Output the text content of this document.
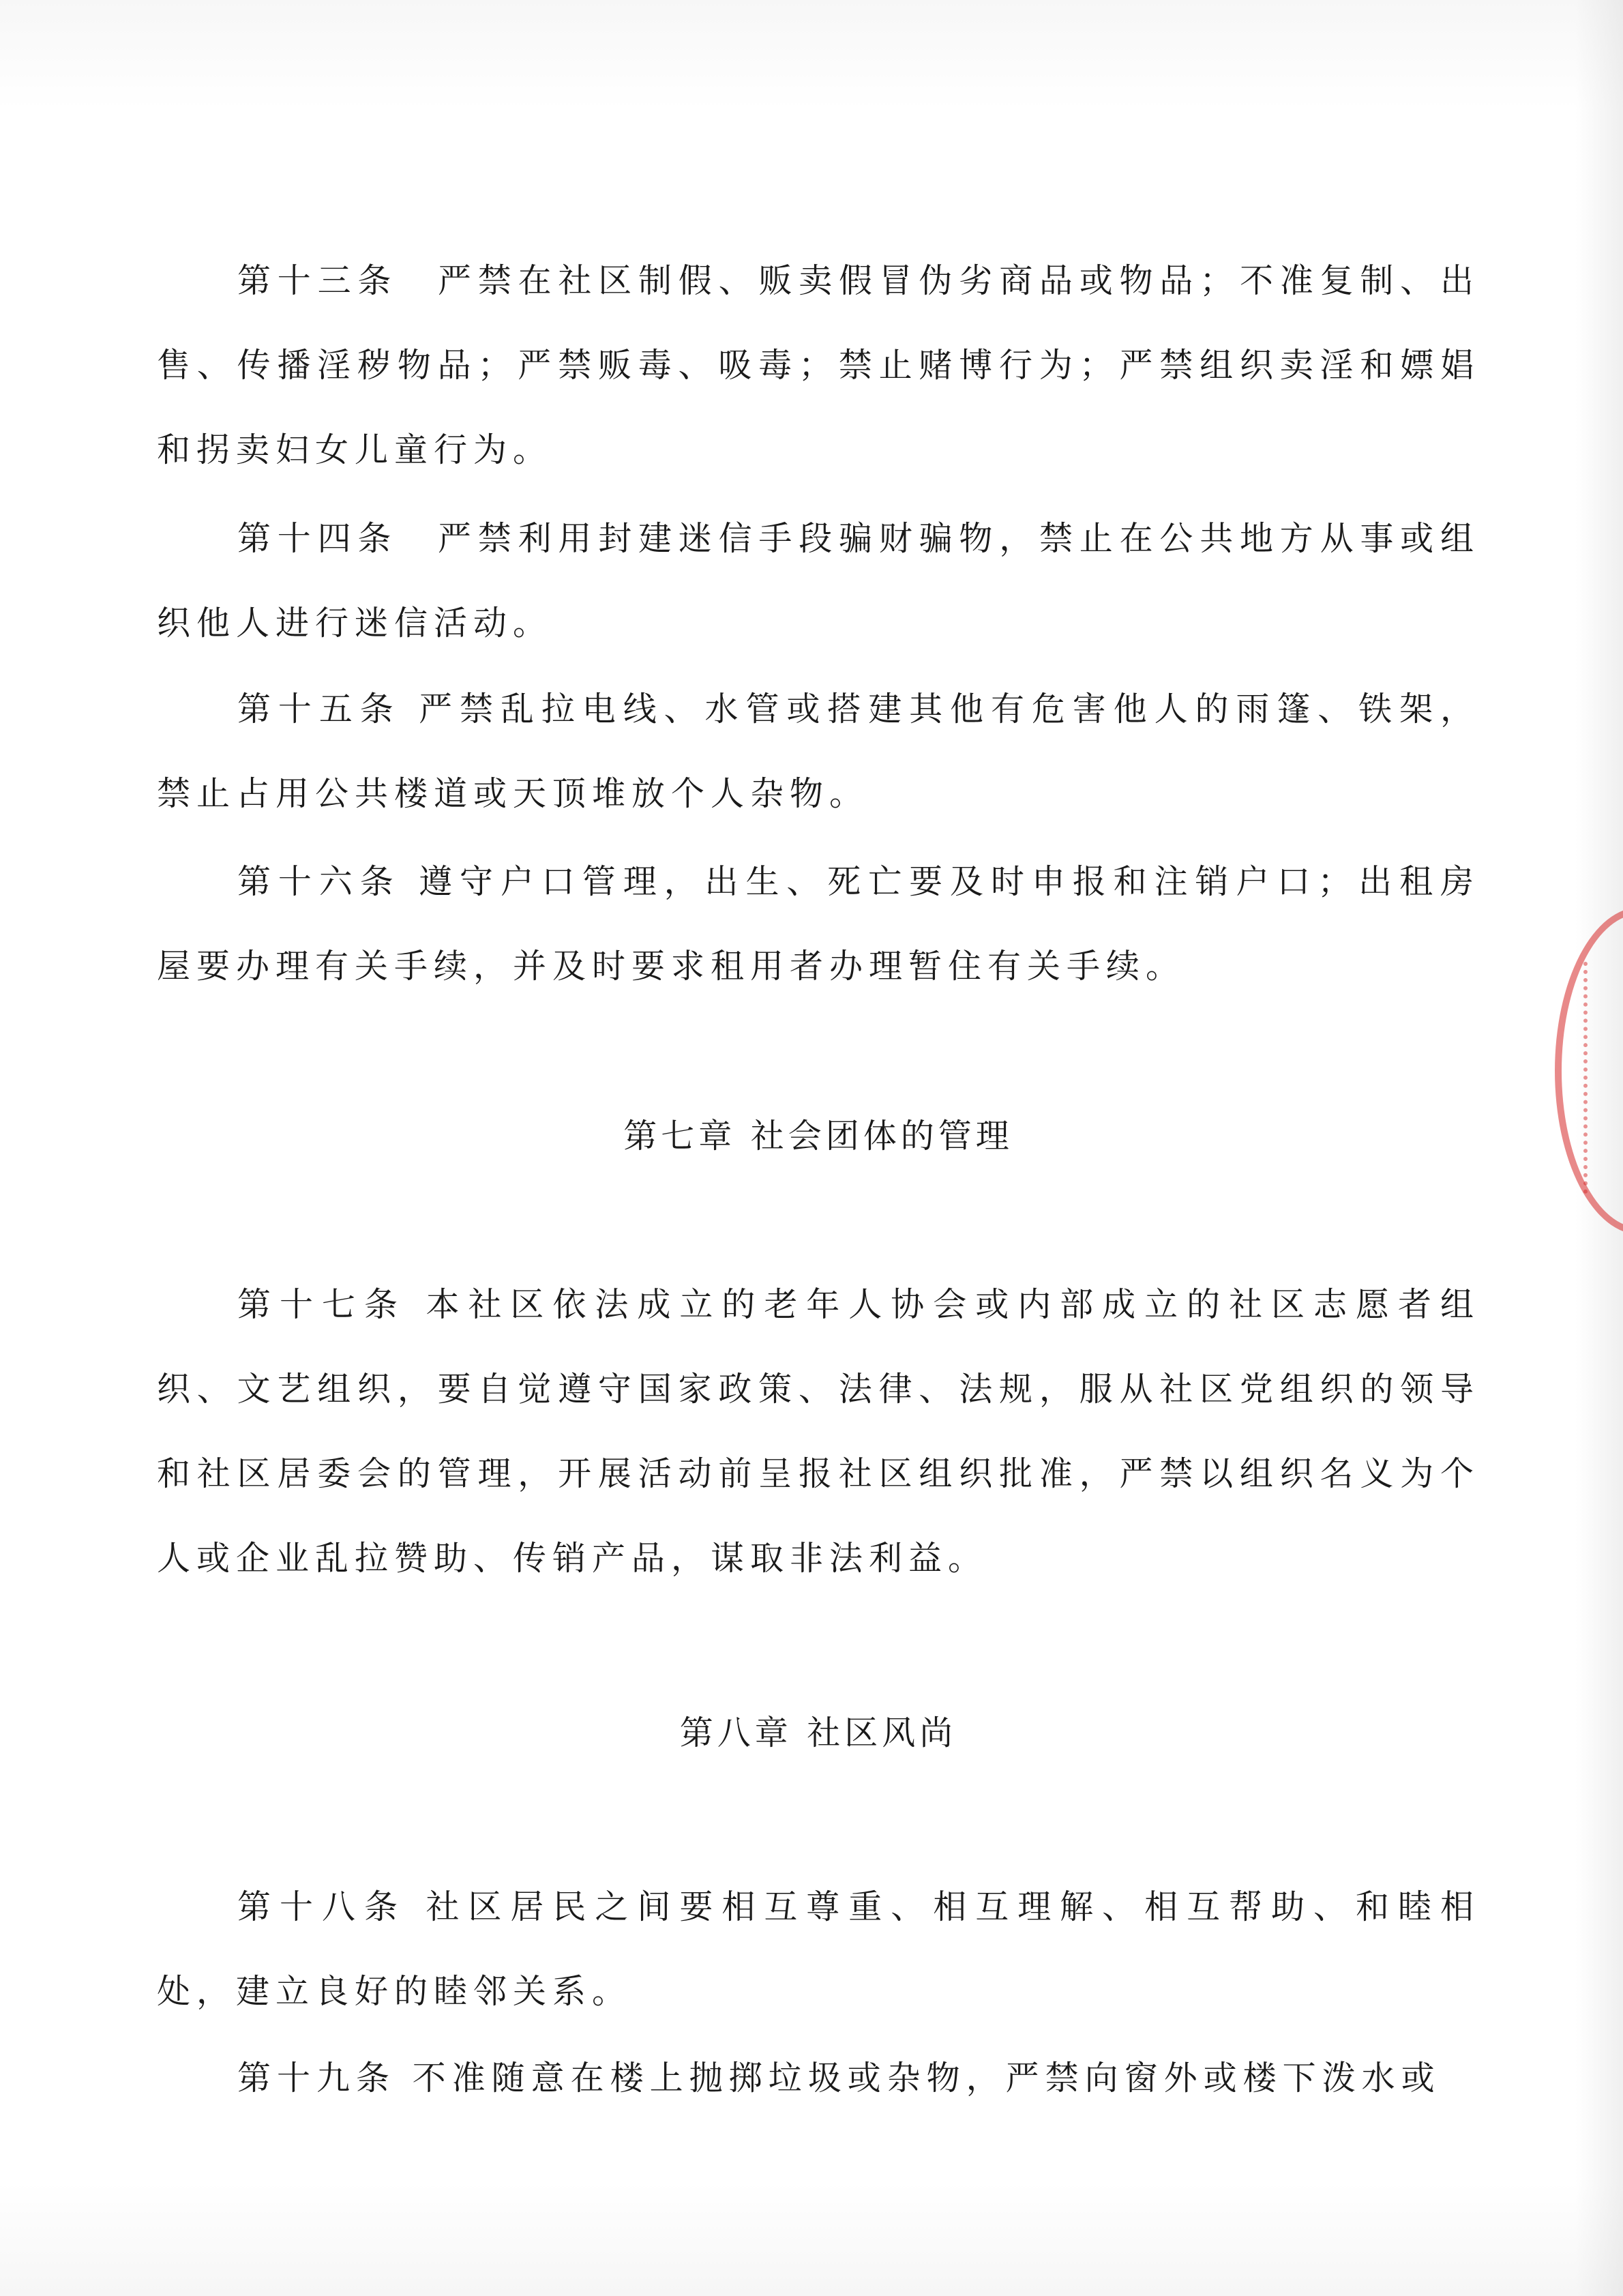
第十三条　严禁在社区制假、贩卖假冒伪劣商品或物品；不准复制、出售、传播淫秽物品；严禁贩毒、吸毒；禁止赌博行为；严禁组织卖淫和嫖娼和拐卖妇女儿童行为。

第十四条　严禁利用封建迷信手段骗财骗物，禁止在公共地方从事或组织他人进行迷信活动。

第十五条 严禁乱拉电线、水管或搭建其他有危害他人的雨篷、铁架，禁止占用公共楼道或天顶堆放个人杂物。

第十六条 遵守户口管理，出生、死亡要及时申报和注销户口；出租房屋要办理有关手续，并及时要求租用者办理暂住有关手续。

第七章 社会团体的管理

第十七条 本社区依法成立的老年人协会或内部成立的社区志愿者组织、文艺组织，要自觉遵守国家政策、法律、法规，服从社区党组织的领导和社区居委会的管理，开展活动前呈报社区组织批准，严禁以组织名义为个人或企业乱拉赞助、传销产品，谋取非法利益。

第八章 社区风尚

第十八条 社区居民之间要相互尊重、相互理解、相互帮助、和睦相处，建立良好的睦邻关系。

第十九条 不准随意在楼上抛掷垃圾或杂物，严禁向窗外或楼下泼水或
